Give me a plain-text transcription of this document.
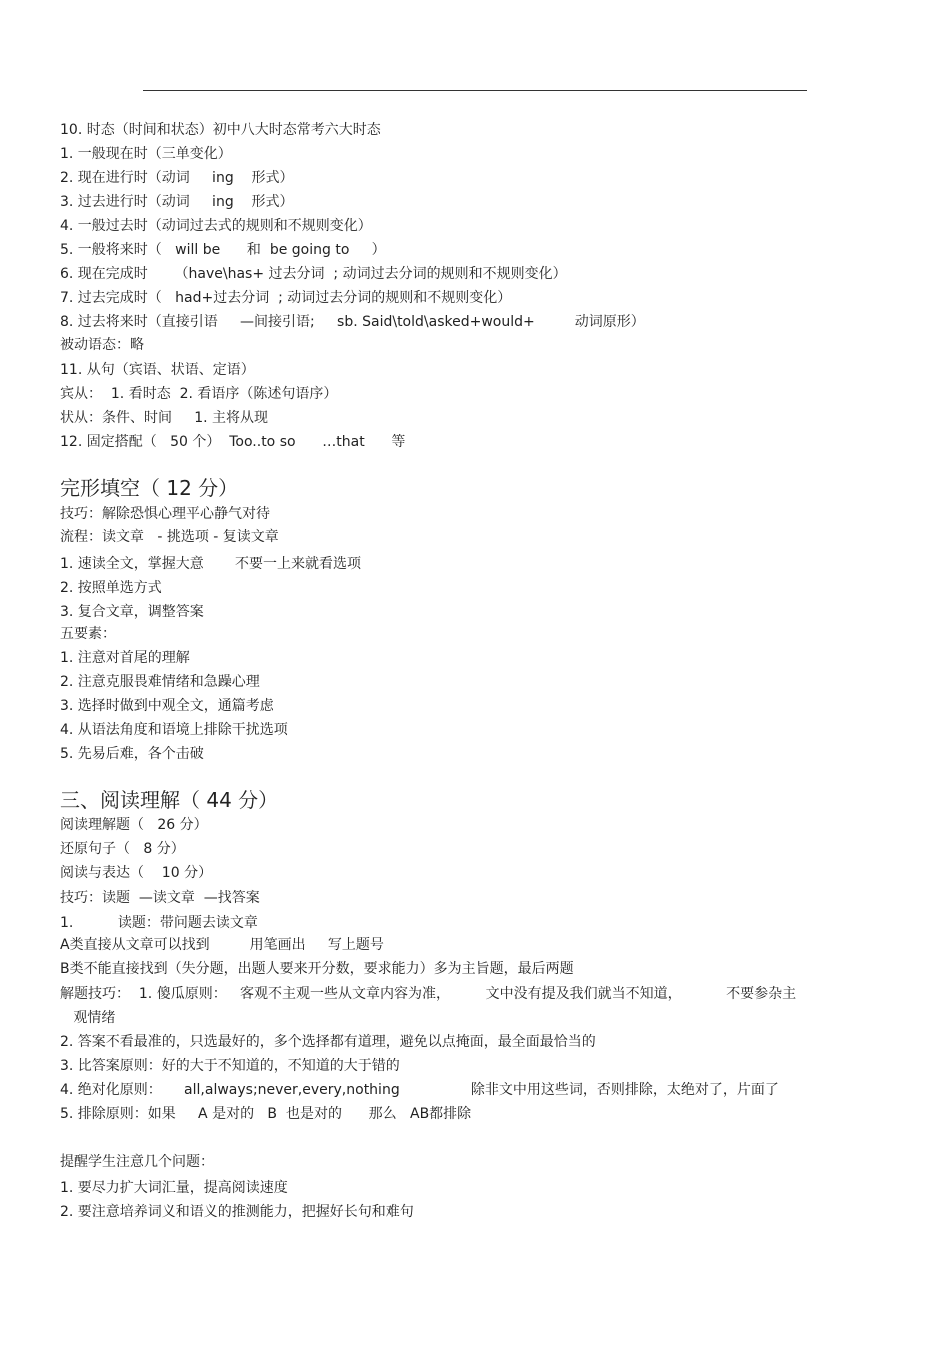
10. 时态（时间和状态）初中八大时态常考六大时态
1. 一般现在时（三单变化）
2. 现在进行时（动词     ing    形式）
3. 过去进行时（动词     ing    形式）
4. 一般过去时（动词过去式的规则和不规则变化）
5. 一般将来时（   will be      和  be going to     ）
6. 现在完成时      （have\has+ 过去分词  ; 动词过去分词的规则和不规则变化）
7. 过去完成时（   had+过去分词  ; 动词过去分词的规则和不规则变化）
8. 过去将来时（直接引语     —间接引语;     sb. Said\told\asked+would+         动词原形）
被动语态：略
11. 从句（宾语、状语、定语）
宾从：  1. 看时态  2. 看语序（陈述句语序）
状从：条件、时间     1. 主将从现
12. 固定搭配（   50 个）  Too..to so      …that      等
完形填空（ 12 分）
技巧：解除恐惧心理平心静气对待
流程：读文章   - 挑选项 - 复读文章
1. 速读全文，掌握大意       不要一上来就看选项
2. 按照单选方式
3. 复合文章，调整答案
五要素：
1. 注意对首尾的理解
2. 注意克服畏难情绪和急躁心理
3. 选择时做到中观全文，通篇考虑
4. 从语法角度和语境上排除干扰选项
5. 先易后难，各个击破
三、阅读理解（ 44 分）
阅读理解题（   26 分）
还原句子（   8 分）
阅读与表达（    10 分）
技巧：读题  —读文章  —找答案
1.          读题：带问题去读文章
A类直接从文章可以找到         用笔画出     写上题号
B类不能直接找到（失分题，出题人要来开分数，要求能力）多为主旨题，最后两题
解题技巧：  1. 傻瓜原则：   客观不主观一些从文章内容为准，        文中没有提及我们就当不知道，          不要参杂主
观情绪
2. 答案不看最准的，只选最好的，多个选择都有道理，避免以点掩面，最全面最恰当的
3. 比答案原则：好的大于不知道的，不知道的大于错的
4. 绝对化原则：     all,always;never,every,nothing                除非文中用这些词，否则排除，太绝对了，片面了
5. 排除原则：如果     A 是对的   B  也是对的      那么   AB都排除
提醒学生注意几个问题：
1. 要尽力扩大词汇量，提高阅读速度
2. 要注意培养词义和语义的推测能力，把握好长句和难句
